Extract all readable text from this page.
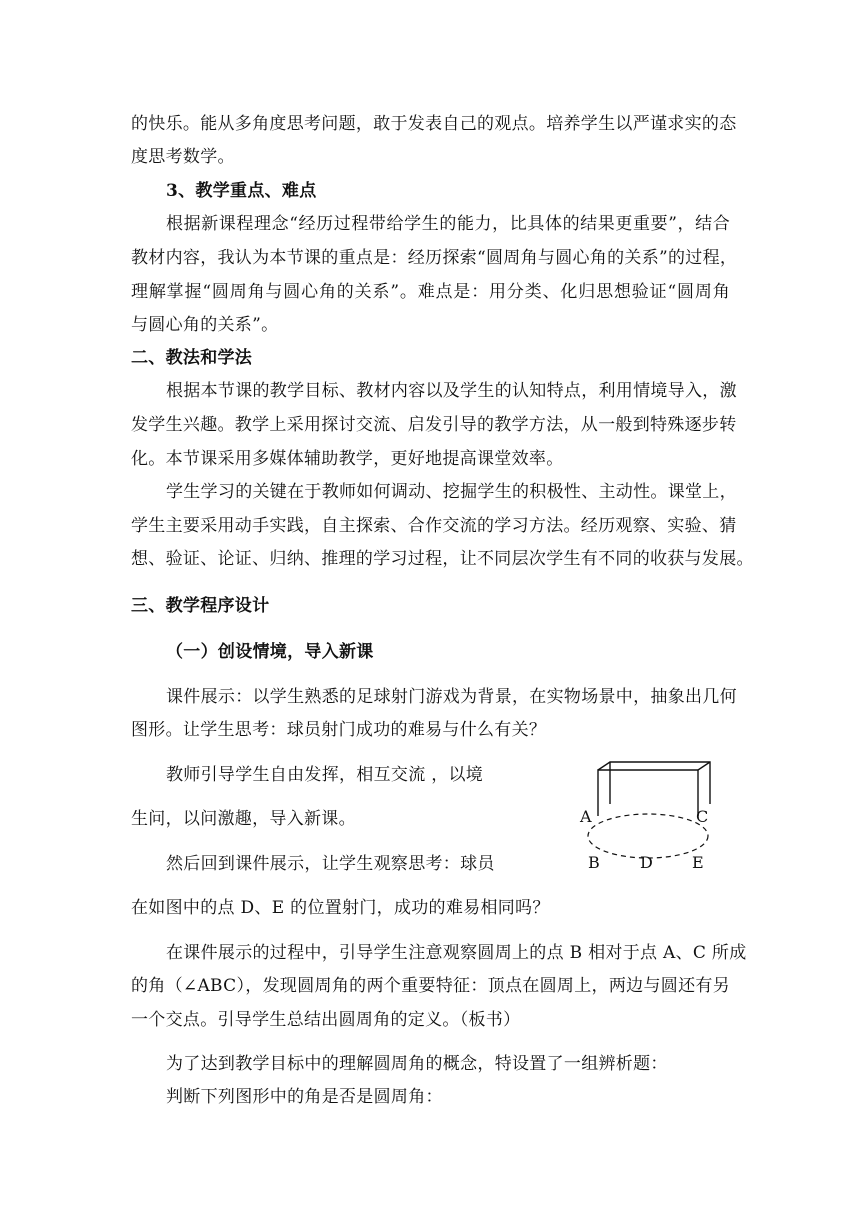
的快乐。能从多角度思考问题，敢于发表自己的观点。培养学生以严谨求实的态
度思考数学。
3、教学重点、难点
根据新课程理念“经历过程带给学生的能力，比具体的结果更重要”，结合
教材内容，我认为本节课的重点是：经历探索“圆周角与圆心角的关系”的过程，
理解掌握“圆周角与圆心角的关系”。难点是：用分类、化归思想验证“圆周角
与圆心角的关系”。
二、教法和学法
根据本节课的教学目标、教材内容以及学生的认知特点，利用情境导入，激
发学生兴趣。教学上采用探讨交流、启发引导的教学方法，从一般到特殊逐步转
化。本节课采用多媒体辅助教学，更好地提高课堂效率。
学生学习的关键在于教师如何调动、挖掘学生的积极性、主动性。课堂上，
学生主要采用动手实践，自主探索、合作交流的学习方法。经历观察、实验、猜
想、验证、论证、归纳、推理的学习过程，让不同层次学生有不同的收获与发展。
三、教学程序设计
（一）创设情境，导入新课
课件展示：以学生熟悉的足球射门游戏为背景，在实物场景中，抽象出几何
图形。让学生思考：球员射门成功的难易与什么有关？
教师引导学生自由发挥，相互交流 ，以境
生问，以问激趣，导入新课。
然后回到课件展示，让学生观察思考：球员
在如图中的点 D、E 的位置射门，成功的难易相同吗？
在课件展示的过程中，引导学生注意观察圆周上的点 B 相对于点 A、C 所成
的角（∠ABC），发现圆周角的两个重要特征：顶点在圆周上，两边与圆还有另
一个交点。引导学生总结出圆周角的定义。（板书）
为了达到教学目标中的理解圆周角的概念，特设置了一组辨析题：
判断下列图形中的角是否是圆周角：
A	C
B	D E
